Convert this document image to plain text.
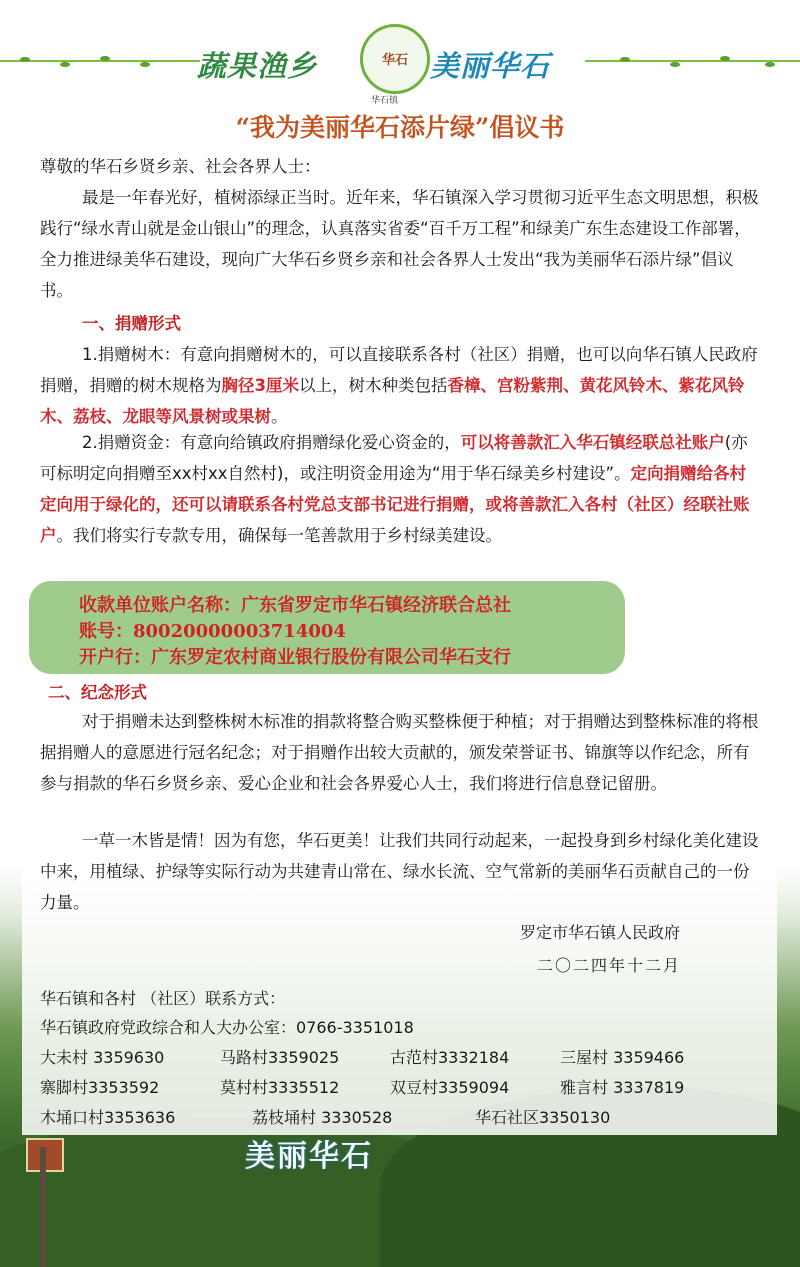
美丽华石
蔬果渔乡	华石 美丽华石
华石镇
“我为美丽华石添片绿”倡议书
尊敬的华石乡贤乡亲、社会各界人士：
最是一年春光好，植树添绿正当时。近年来，华石镇深入学习贯彻习近平生态文明思想，积极践行“绿水青山就是金山银山”的理念，认真落实省委“百千万工程”和绿美广东生态建设工作部署，全力推进绿美华石建设，现向广大华石乡贤乡亲和社会各界人士发出“我为美丽华石添片绿”倡议书。
一、捐赠形式
1.捐赠树木：有意向捐赠树木的，可以直接联系各村（社区）捐赠，也可以向华石镇人民政府捐赠，捐赠的树木规格为胸径3厘米以上，树木种类包括香樟、宫粉紫荆、黄花风铃木、紫花风铃木、荔枝、龙眼等风景树或果树。
2.捐赠资金：有意向给镇政府捐赠绿化爱心资金的，可以将善款汇入华石镇经联总社账户(亦可标明定向捐赠至xx村xx自然村)，或注明资金用途为“用于华石绿美乡村建设”。定向捐赠给各村定向用于绿化的，还可以请联系各村党总支部书记进行捐赠，或将善款汇入各村（社区）经联社账户。我们将实行专款专用，确保每一笔善款用于乡村绿美建设。
收款单位账户名称：广东省罗定市华石镇经济联合总社
账号：80020000003714004
开户行：广东罗定农村商业银行股份有限公司华石支行
二、纪念形式
对于捐赠未达到整株树木标准的捐款将整合购买整株便于种植；对于捐赠达到整株标准的将根据捐赠人的意愿进行冠名纪念；对于捐赠作出较大贡献的，颁发荣誉证书、锦旗等以作纪念，所有参与捐款的华石乡贤乡亲、爱心企业和社会各界爱心人士，我们将进行信息登记留册。
一草一木皆是情！因为有您，华石更美！让我们共同行动起来，一起投身到乡村绿化美化建设中来，用植绿、护绿等实际行动为共建青山常在、绿水长流、空气常新的美丽华石贡献自己的一份力量。
罗定市华石镇人民政府
二〇二四年十二月
华石镇和各村 （社区）联系方式：
华石镇政府党政综合和人大办公室：0766-3351018
大未村 3359630	马路村3359025	古范村3332184	三屋村 3359466
寨脚村3353592	莫村村3335512	双豆村3359094	雅言村 3337819
木埇口村3353636	荔枝埇村 3330528	华石社区3350130
